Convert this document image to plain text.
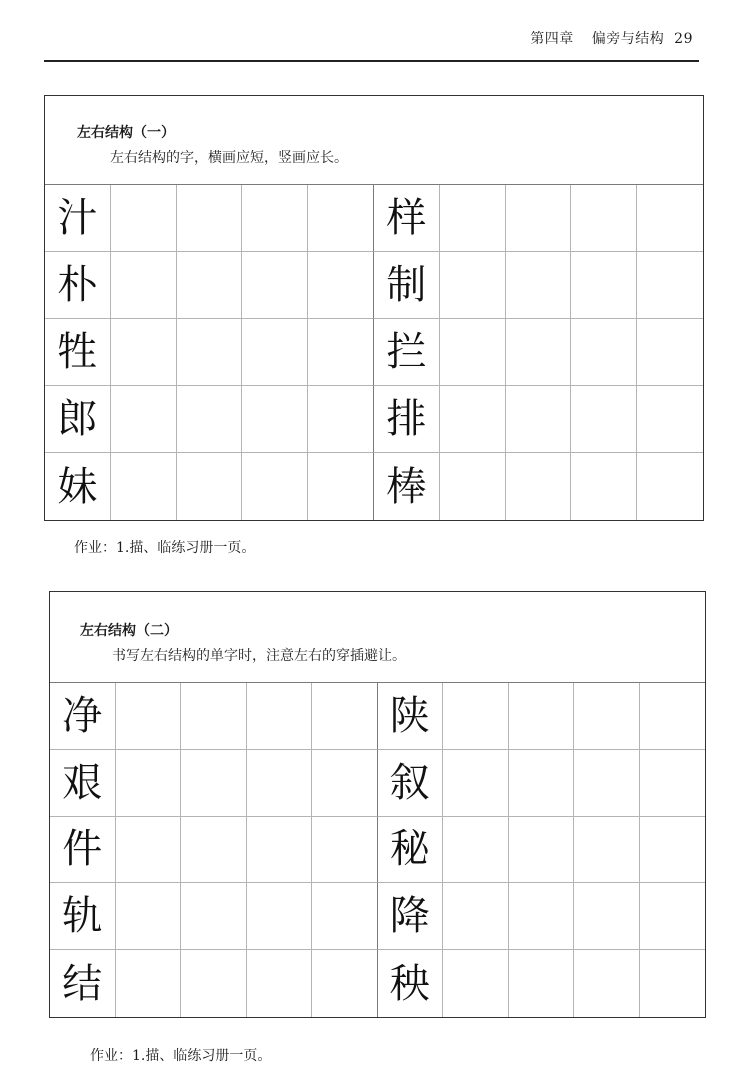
第四章 偏旁与结构 29
左右结构（一）
左右结构的字，横画应短，竖画应长。
汁	样
朴	制
牲	拦
郎	排
妹	棒
作业：1.描、临练习册一页。
左右结构（二）
书写左右结构的单字时，注意左右的穿插避让。
净	陕
艰	叙
件	秘
轨	降
结	秧
作业：1.描、临练习册一页。
